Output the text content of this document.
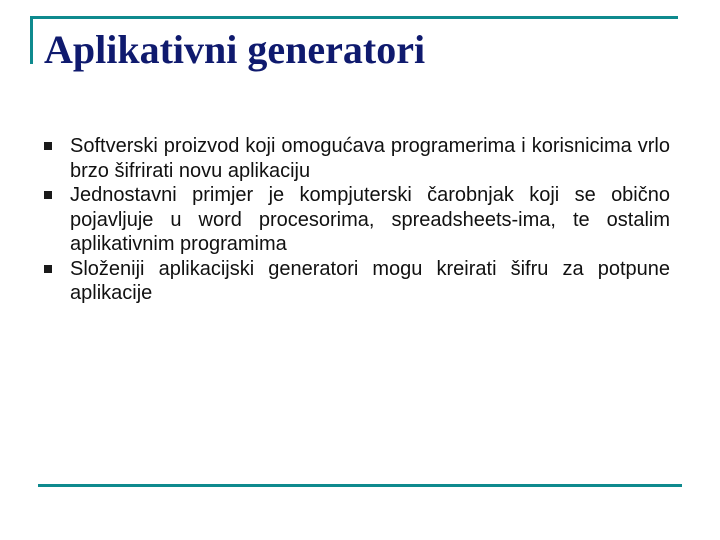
Aplikativni generatori
Softverski proizvod koji omogućava programerima i korisnicima vrlo brzo šifrirati novu aplikaciju
Jednostavni primjer je kompjuterski čarobnjak koji se obično pojavljuje u word procesorima, spreadsheets-ima, te ostalim aplikativnim programima
Složeniji aplikacijski generatori mogu kreirati šifru za potpune aplikacije
